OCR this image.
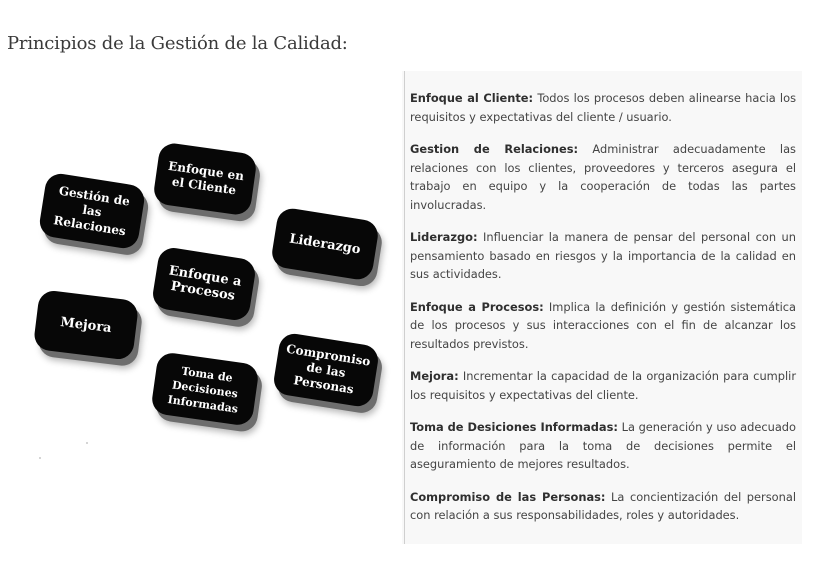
Principios de la Gestión de la Calidad:
Enfoque en el Cliente
Gestión de las Relaciones
Liderazgo
Enfoque a Procesos
Mejora
Toma de Decisiones Informadas
Compromiso de las Personas

Enfoque al Cliente: Todos los procesos deben alinearse hacia los requisitos y expectativas del cliente / usuario.

Gestion de Relaciones: Administrar adecuadamente las relaciones con los clientes, proveedores y terceros asegura el trabajo en equipo y la cooperación de todas las partes involucradas.

Liderazgo: Influenciar la manera de pensar del personal con un pensamiento basado en riesgos y la importancia de la calidad en sus actividades.

Enfoque a Procesos: Implica la definición y gestión sistemática de los procesos y sus interacciones con el fin de alcanzar los resultados previstos.

Mejora: Incrementar la capacidad de la organización para cumplir los requisitos y expectativas del cliente.

Toma de Desiciones Informadas: La generación y uso adecuado de información para la toma de decisiones permite el aseguramiento de mejores resultados.

Compromiso de las Personas: La concientización del personal con relación a sus responsabilidades, roles y autoridades.
